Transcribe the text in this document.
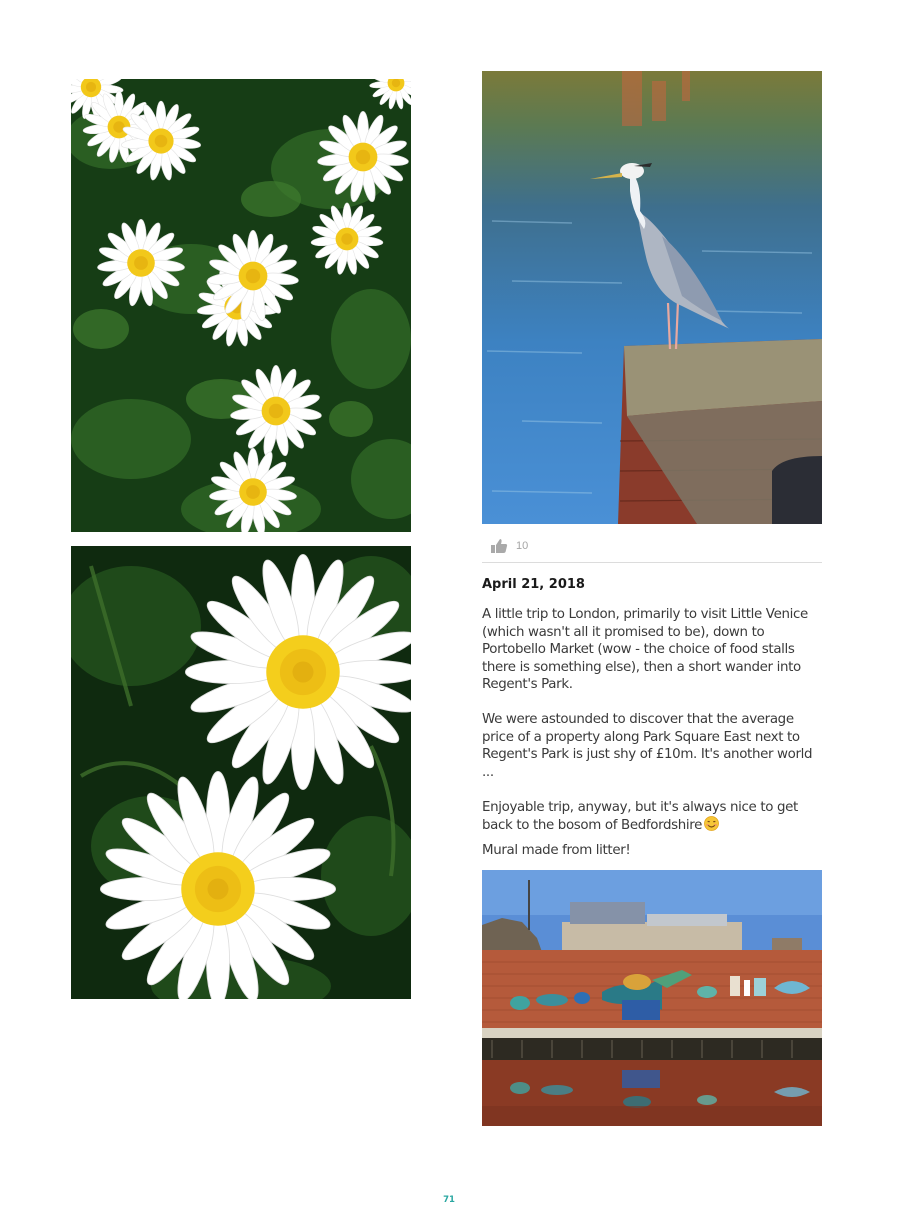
10
April 21, 2018

A little trip to London, primarily to visit Little Venice (which wasn't all it promised to be), down to Portobello Market (wow - the choice of food stalls there is something else), then a short wander into Regent's Park.

We were astounded to discover that the average price of a property along Park Square East next to Regent's Park is just shy of £10m. It's another world ...

Enjoyable trip, anyway, but it's always nice to get back to the bosom of Bedfordshire

Mural made from litter!

71
